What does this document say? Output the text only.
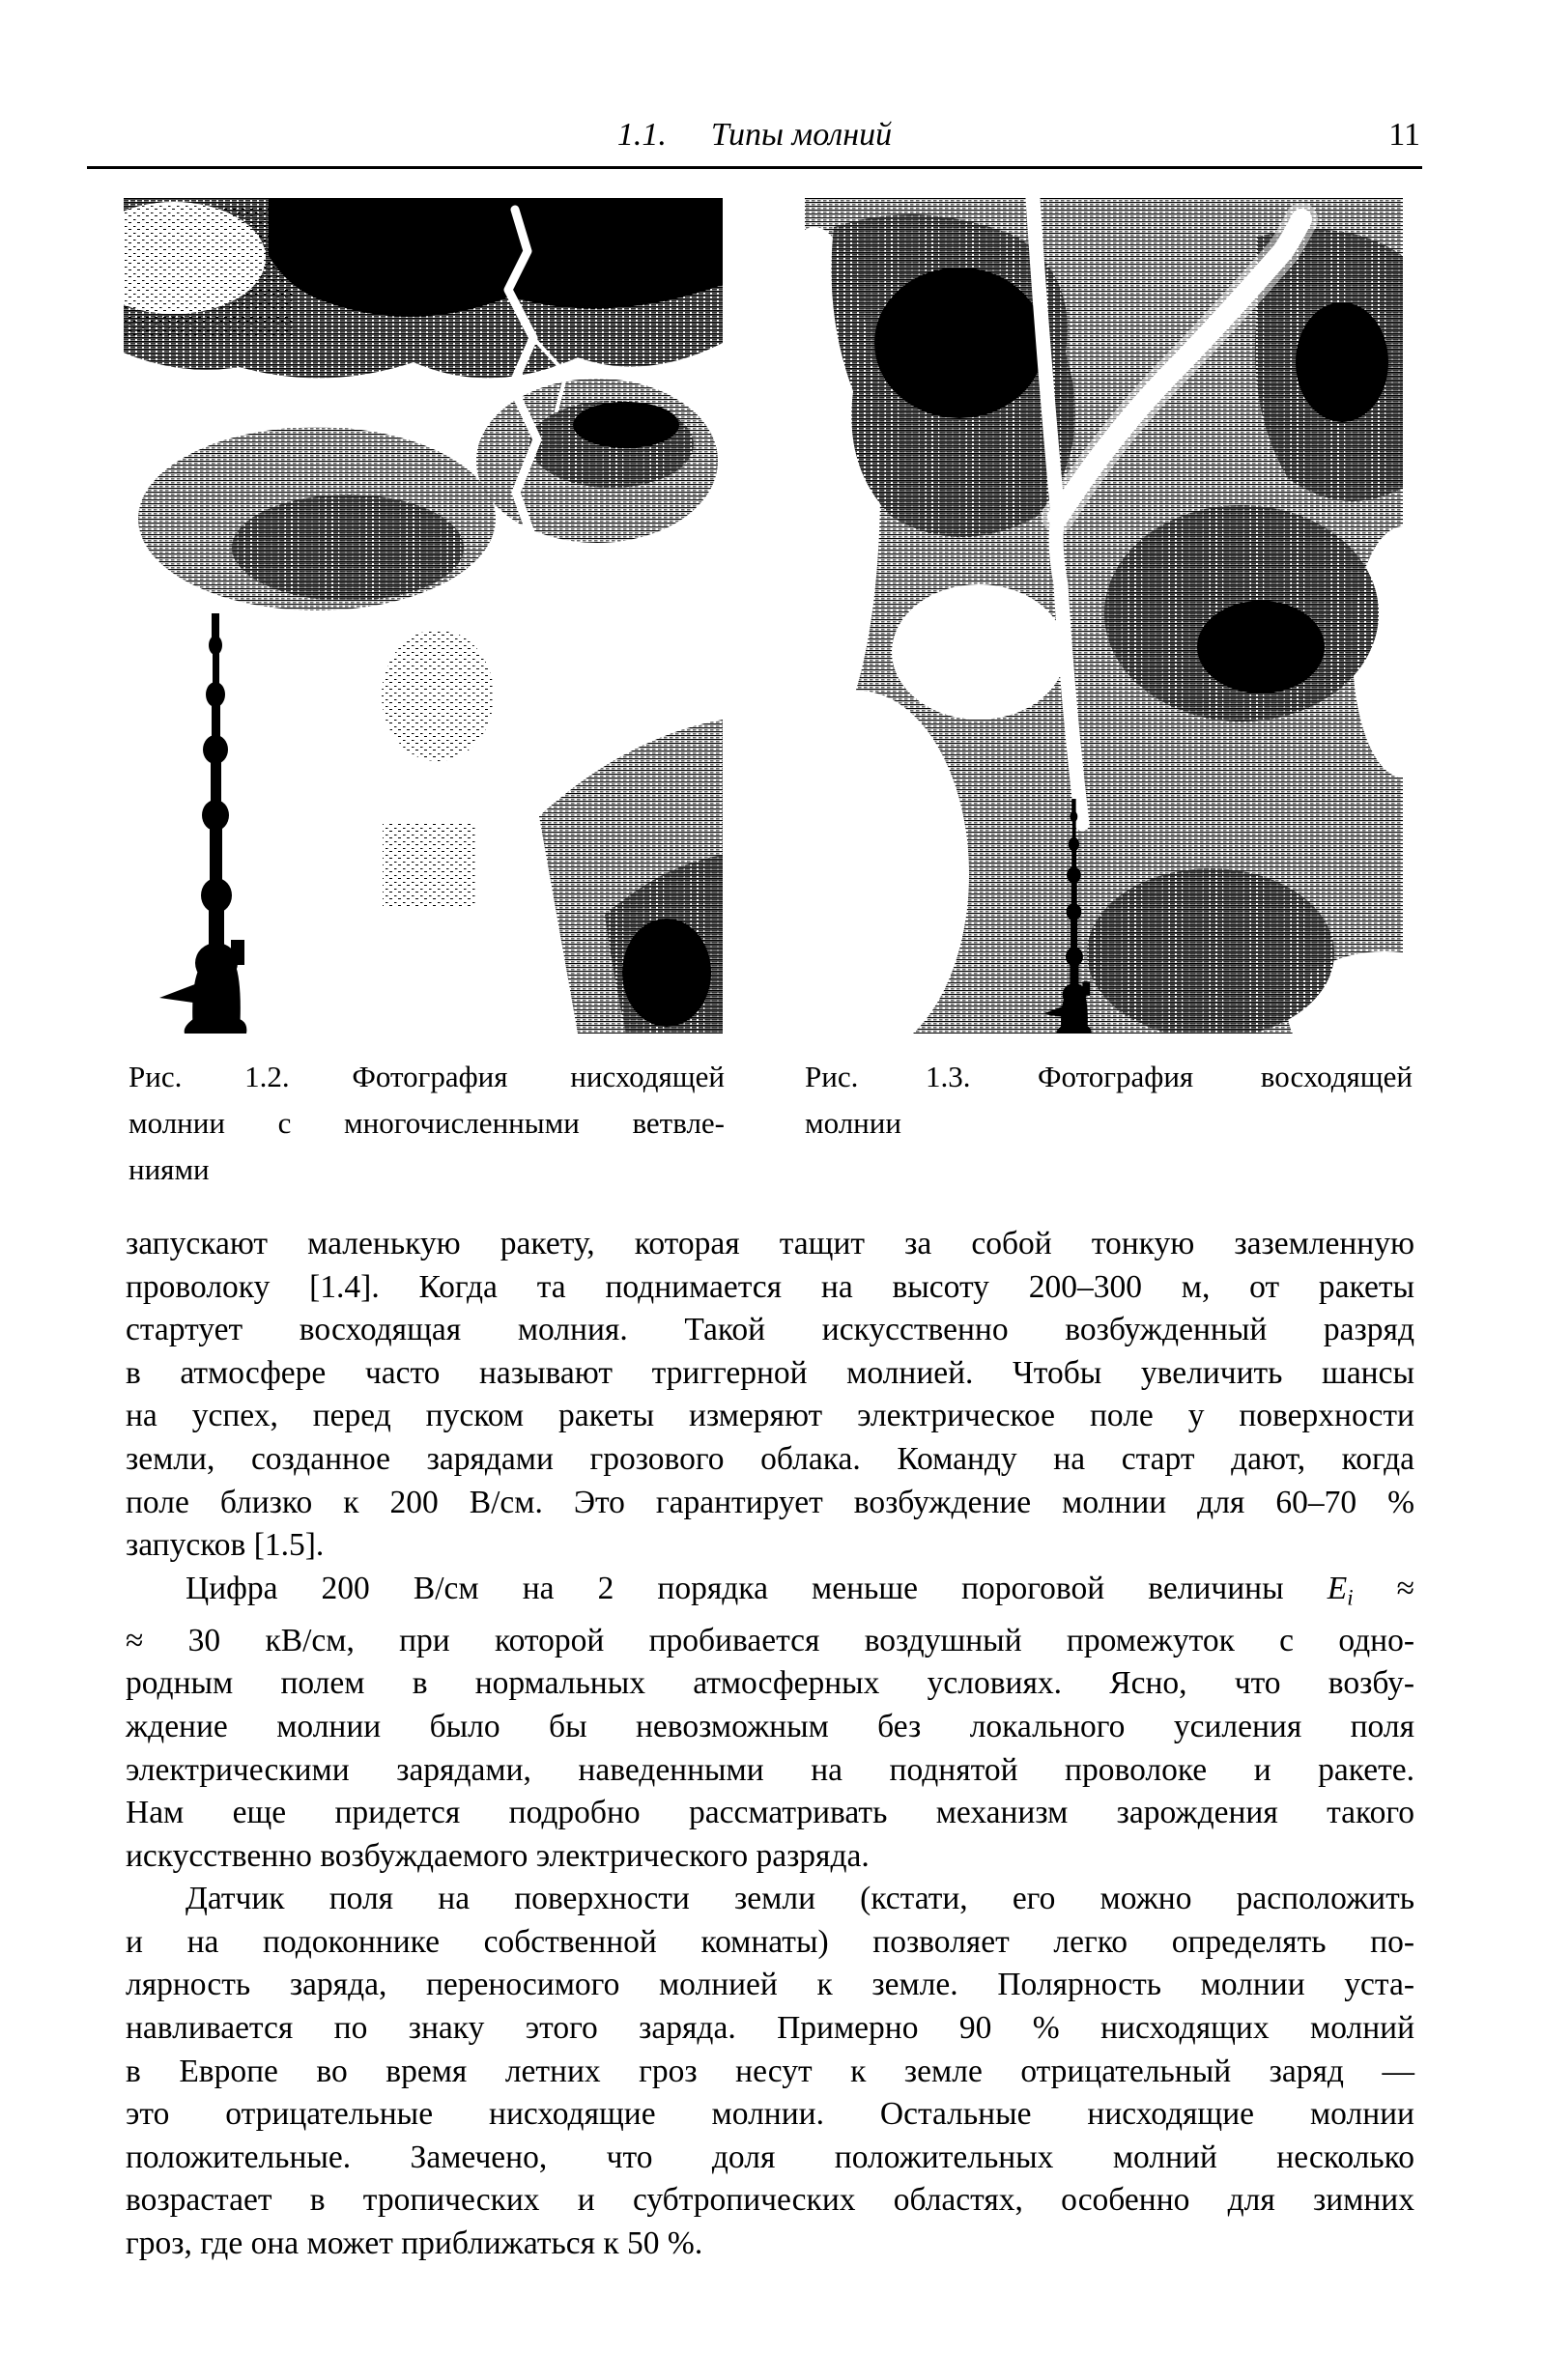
1.1. Типы молний	11
Рис. 1.2. Фотография нисходящей
молнии с многочисленными ветвле-
ниями
Рис. 1.3. Фотография восходящей
молнии
запускают маленькую ракету, которая тащит за собой тонкую заземленную
проволоку [1.4]. Когда та поднимается на высоту 200–300 м, от ракеты
стартует восходящая молния. Такой искусственно возбужденный разряд
в атмосфере часто называют триггерной молнией. Чтобы увеличить шансы
на успех, перед пуском ракеты измеряют электрическое поле у поверхности
земли, созданное зарядами грозового облака. Команду на старт дают, когда
поле близко к 200 В/см. Это гарантирует возбуждение молнии для 60–70 %
запусков [1.5].
Цифра 200 В/см на 2 порядка меньше пороговой величины Ei ≈
≈ 30 кВ/см, при которой пробивается воздушный промежуток с одно-
родным полем в нормальных атмосферных условиях. Ясно, что возбу-
ждение молнии было бы невозможным без локального усиления поля
электрическими зарядами, наведенными на поднятой проволоке и ракете.
Нам еще придется подробно рассматривать механизм зарождения такого
искусственно возбуждаемого электрического разряда.
Датчик поля на поверхности земли (кстати, его можно расположить
и на подоконнике собственной комнаты) позволяет легко определять по-
лярность заряда, переносимого молнией к земле. Полярность молнии уста-
навливается по знаку этого заряда. Примерно 90 % нисходящих молний
в Европе во время летних гроз несут к земле отрицательный заряд —
это отрицательные нисходящие молнии. Остальные нисходящие молнии
положительные. Замечено, что доля положительных молний несколько
возрастает в тропических и субтропических областях, особенно для зимних
гроз, где она может приближаться к 50 %.
